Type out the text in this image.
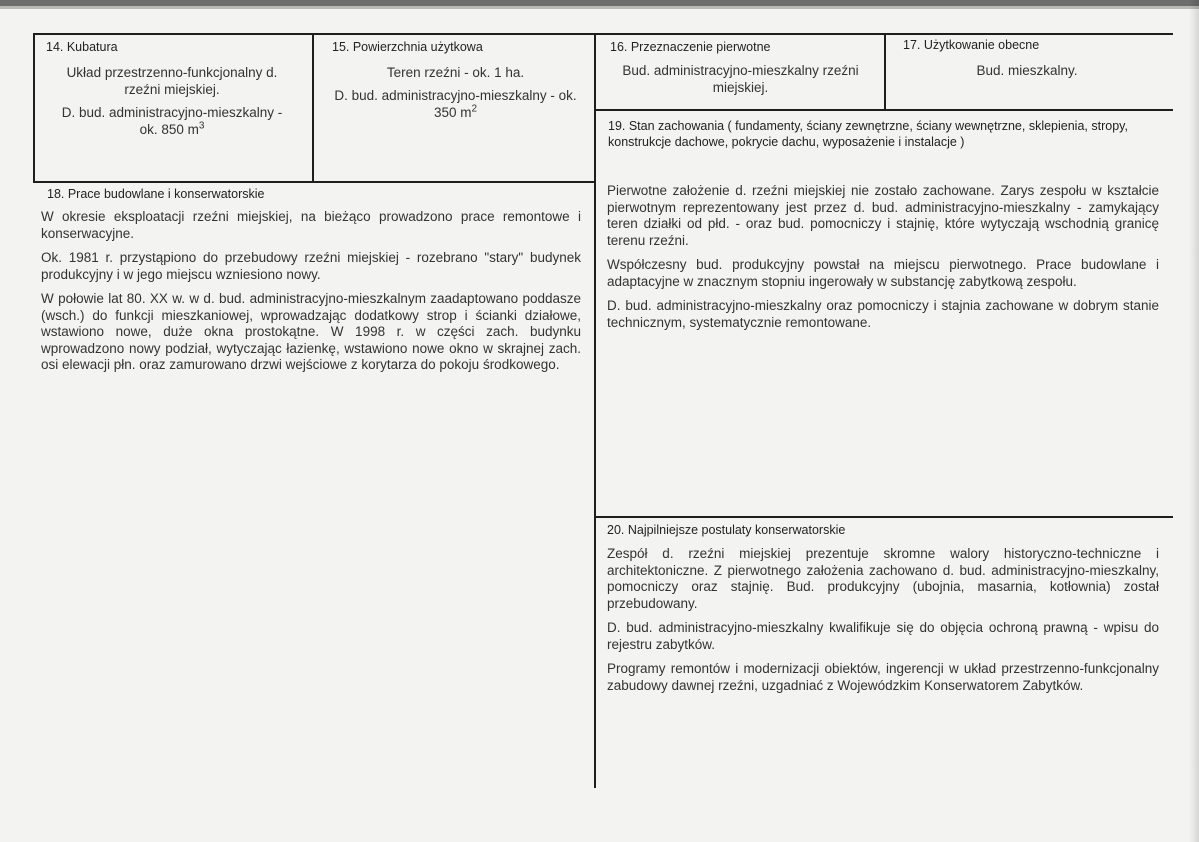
14. Kubatura

Układ przestrzenno-funkcjonalny d. rzeźni miejskiej.

D. bud. administracyjno-mieszkalny - ok. 850 $m^3$

15. Powierzchnia użytkowa

Teren rzeźni - ok. 1 ha.

D. bud. administracyjno-mieszkalny - ok. 350 $m^2$

16. Przeznaczenie pierwotne

Bud. administracyjno-mieszkalny rzeźni miejskiej.

17. Użytkowanie obecne

Bud. mieszkalny.

18. Prace budowlane i konserwatorskie

W okresie eksploatacji rzeźni miejskiej, na bieżąco prowadzono prace remontowe i konserwacyjne.

Ok. 1981 r. przystąpiono do przebudowy rzeźni miejskiej - rozebrano "stary" budynek produkcyjny i w jego miejscu wzniesiono nowy.

W połowie lat 80. XX w. w d. bud. administracyjno-mieszkalnym zaadaptowano poddasze (wsch.) do funkcji mieszkaniowej, wprowadzając dodatkowy strop i ścianki działowe, wstawiono nowe, duże okna prostokątne. W 1998 r. w części zach. budynku wprowadzono nowy podział, wytyczając łazienkę, wstawiono nowe okno w skrajnej zach. osi elewacji płn. oraz zamurowano drzwi wejściowe z korytarza do pokoju środkowego.

19. Stan zachowania ( fundamenty, ściany zewnętrzne, ściany wewnętrzne, sklepienia, stropy, konstrukcje dachowe, pokrycie dachu, wyposażenie i instalacje )

Pierwotne założenie d. rzeźni miejskiej nie zostało zachowane. Zarys zespołu w kształcie pierwotnym reprezentowany jest przez d. bud. administracyjno-mieszkalny - zamykający teren działki od płd. - oraz bud. pomocniczy i stajnię, które wytyczają wschodnią granicę terenu rzeźni.

Współczesny bud. produkcyjny powstał na miejscu pierwotnego. Prace budowlane i adaptacyjne w znacznym stopniu ingerowały w substancję zabytkową zespołu.

D. bud. administracyjno-mieszkalny oraz pomocniczy i stajnia zachowane w dobrym stanie technicznym, systematycznie remontowane.

20. Najpilniejsze postulaty konserwatorskie

Zespół d. rzeźni miejskiej prezentuje skromne walory historyczno-techniczne i architektoniczne. Z pierwotnego założenia zachowano d. bud. administracyjno-mieszkalny, pomocniczy oraz stajnię. Bud. produkcyjny (ubojnia, masarnia, kotłownia) został przebudowany.

D. bud. administracyjno-mieszkalny kwalifikuje się do objęcia ochroną prawną - wpisu do rejestru zabytków.

Programy remontów i modernizacji obiektów, ingerencji w układ przestrzenno-funkcjonalny zabudowy dawnej rzeźni, uzgadniać z Wojewódzkim Konserwatorem Zabytków.
